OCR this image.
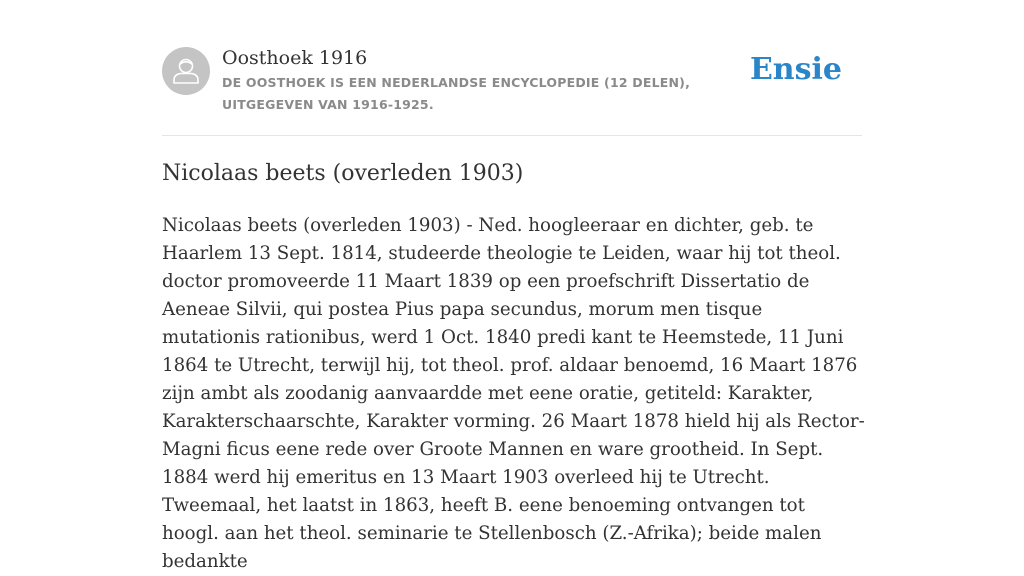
Oosthoek 1916
DE OOSTHOEK IS EEN NEDERLANDSE ENCYCLOPEDIE (12 DELEN), UITGEGEVEN VAN 1916-1925.
Ensie
Nicolaas beets (overleden 1903)

Nicolaas beets (overleden 1903) - Ned. hoogleeraar en dichter, geb. te Haarlem 13 Sept. 1814, studeerde theologie te Leiden, waar hij tot theol. doctor promoveerde 11 Maart 1839 op een proefschrift Dissertatio de Aeneae Silvii, qui postea Pius papa secundus, morum men tisque mutationis rationibus, werd 1 Oct. 1840 predi kant te Heemstede, 11 Juni 1864 te Utrecht, terwijl hij, tot theol. prof. aldaar benoemd, 16 Maart 1876 zijn ambt als zoodanig aanvaardde met eene oratie, getiteld: Karakter, Karakterschaarschte, Karakter vorming. 26 Maart 1878 hield hij als Rector-Magni ficus eene rede over Groote Mannen en ware grootheid. In Sept. 1884 werd hij emeritus en 13 Maart 1903 overleed hij te Utrecht. Tweemaal, het laatst in 1863, heeft B. eene benoeming ontvangen tot hoogl. aan het theol. seminarie te Stellenbosch (Z.-Afrika); beide malen bedankte
